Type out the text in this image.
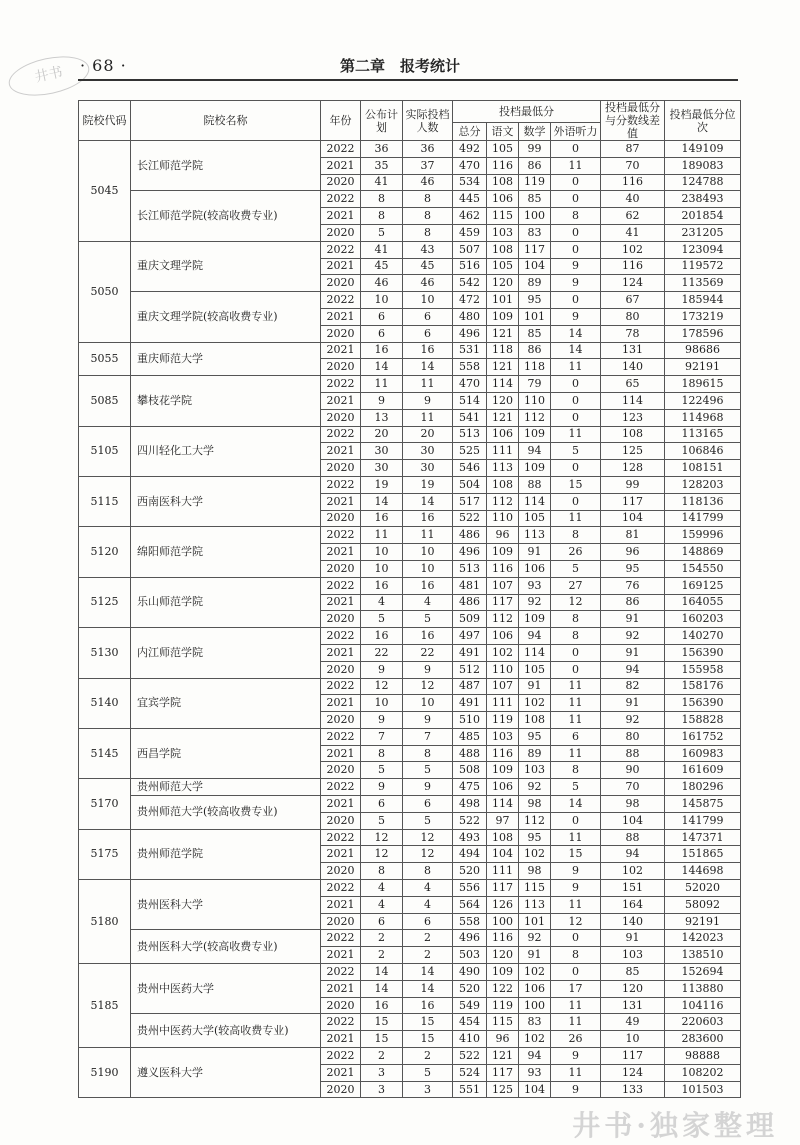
井书 · 68 ·	第二章　报考统计
院校代码	院校名称	年份	公布计划	实际投档人数	投档最低分				投档最低分与分数线差值	投档最低分位次
					总分	语文	数学	外语听力		
5045	长江师范学院	2022	36	36	492	105	99	0	87	149109
		2021	35	37	470	116	86	11	70	189083
		2020	41	46	534	108	119	0	116	124788
	长江师范学院(较高收费专业)	2022	8	8	445	106	85	0	40	238493
		2021	8	8	462	115	100	8	62	201854
		2020	5	8	459	103	83	0	41	231205
5050	重庆文理学院	2022	41	43	507	108	117	0	102	123094
		2021	45	45	516	105	104	9	116	119572
		2020	46	46	542	120	89	9	124	113569
	重庆文理学院(较高收费专业)	2022	10	10	472	101	95	0	67	185944
		2021	6	6	480	109	101	9	80	173219
		2020	6	6	496	121	85	14	78	178596
5055	重庆师范大学	2021	16	16	531	118	86	14	131	98686
		2020	14	14	558	121	118	11	140	92191
5085	攀枝花学院	2022	11	11	470	114	79	0	65	189615
		2021	9	9	514	120	110	0	114	122496
		2020	13	11	541	121	112	0	123	114968
5105	四川轻化工大学	2022	20	20	513	106	109	11	108	113165
		2021	30	30	525	111	94	5	125	106846
		2020	30	30	546	113	109	0	128	108151
5115	西南医科大学	2022	19	19	504	108	88	15	99	128203
		2021	14	14	517	112	114	0	117	118136
		2020	16	16	522	110	105	11	104	141799
5120	绵阳师范学院	2022	11	11	486	96	113	8	81	159996
		2021	10	10	496	109	91	26	96	148869
		2020	10	10	513	116	106	5	95	154550
5125	乐山师范学院	2022	16	16	481	107	93	27	76	169125
		2021	4	4	486	117	92	12	86	164055
		2020	5	5	509	112	109	8	91	160203
5130	内江师范学院	2022	16	16	497	106	94	8	92	140270
		2021	22	22	491	102	114	0	91	156390
		2020	9	9	512	110	105	0	94	155958
5140	宜宾学院	2022	12	12	487	107	91	11	82	158176
		2021	10	10	491	111	102	11	91	156390
		2020	9	9	510	119	108	11	92	158828
5145	西昌学院	2022	7	7	485	103	95	6	80	161752
		2021	8	8	488	116	89	11	88	160983
		2020	5	5	508	109	103	8	90	161609
5170	贵州师范大学	2022	9	9	475	106	92	5	70	180296
	贵州师范大学(较高收费专业)	2021	6	6	498	114	98	14	98	145875
		2020	5	5	522	97	112	0	104	141799
5175	贵州师范学院	2022	12	12	493	108	95	11	88	147371
		2021	12	12	494	104	102	15	94	151865
		2020	8	8	520	111	98	9	102	144698
5180	贵州医科大学	2022	4	4	556	117	115	9	151	52020
		2021	4	4	564	126	113	11	164	58092
		2020	6	6	558	100	101	12	140	92191
	贵州医科大学(较高收费专业)	2022	2	2	496	116	92	0	91	142023
		2021	2	2	503	120	91	8	103	138510
5185	贵州中医药大学	2022	14	14	490	109	102	0	85	152694
		2021	14	14	520	122	106	17	120	113880
		2020	16	16	549	119	100	11	131	104116
	贵州中医药大学(较高收费专业)	2022	15	15	454	115	83	11	49	220603
		2021	15	15	410	96	102	26	10	283600
5190	遵义医科大学	2022	2	2	522	121	94	9	117	98888
		2021	3	5	524	117	93	11	124	108202
		2020	3	3	551	125	104	9	133	101503
井书·独家整理
